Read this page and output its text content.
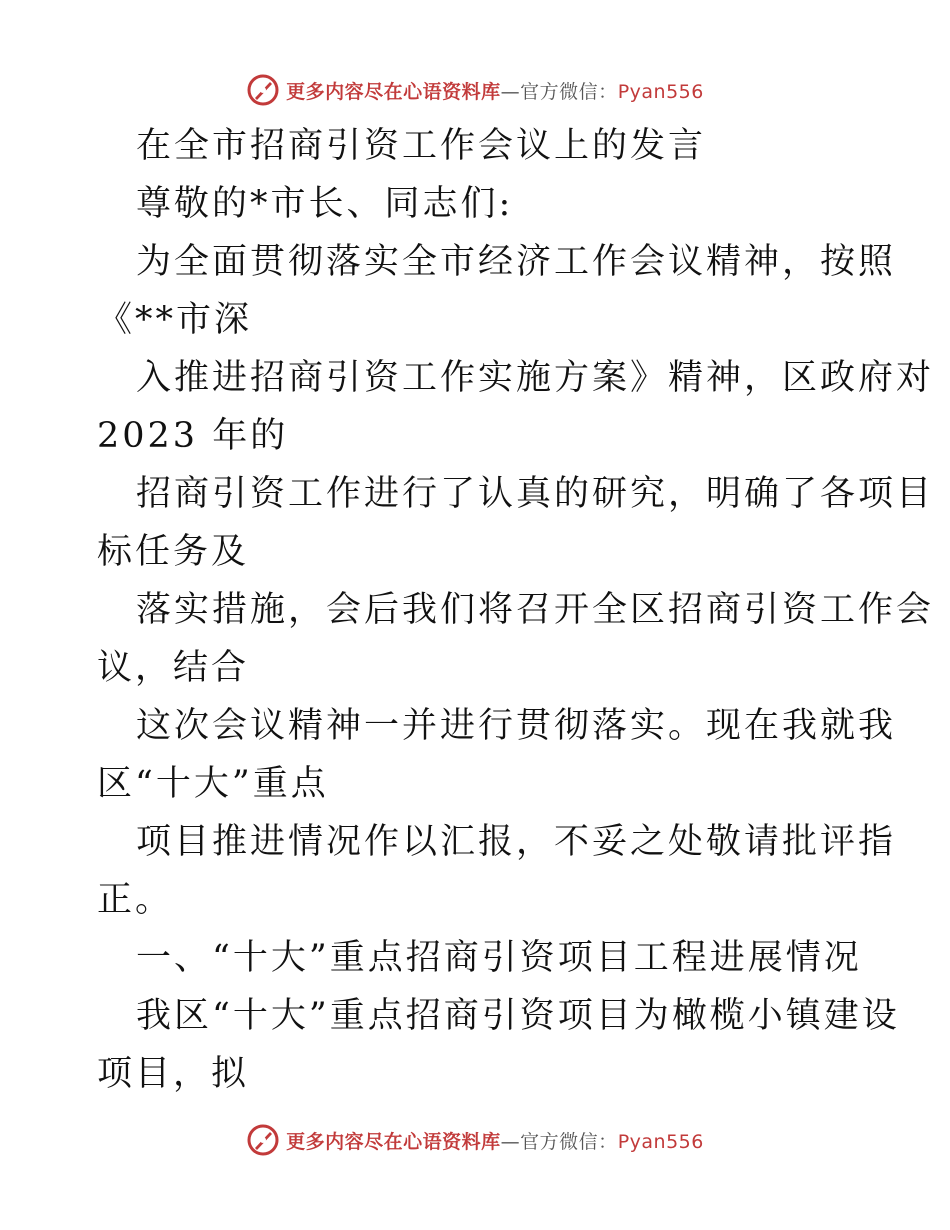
更多内容尽在心语资料库—官方微信：Pyan556
在全市招商引资工作会议上的发言
尊敬的*市长、同志们:
为全面贯彻落实全市经济工作会议精神，按照
《**市深
入推进招商引资工作实施方案》精神，区政府对
2023 年的
招商引资工作进行了认真的研究，明确了各项目
标任务及
落实措施，会后我们将召开全区招商引资工作会
议，结合
这次会议精神一并进行贯彻落实。现在我就我
区“十大”重点
项目推进情况作以汇报，不妥之处敬请批评指
正。
一、“十大”重点招商引资项目工程进展情况
我区“十大”重点招商引资项目为橄榄小镇建设
项目，拟
更多内容尽在心语资料库—官方微信：Pyan556
